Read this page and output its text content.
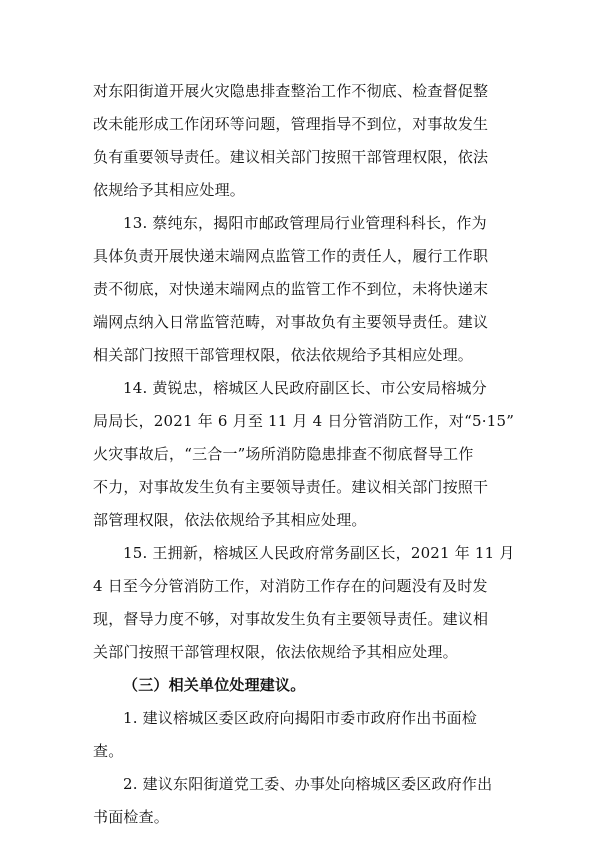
对东阳街道开展火灾隐患排查整治工作不彻底、检查督促整
改未能形成工作闭环等问题，管理指导不到位，对事故发生
负有重要领导责任。建议相关部门按照干部管理权限，依法
依规给予其相应处理。
13. 蔡纯东，揭阳市邮政管理局行业管理科科长，作为
具体负责开展快递末端网点监管工作的责任人，履行工作职
责不彻底，对快递末端网点的监管工作不到位，未将快递末
端网点纳入日常监管范畴，对事故负有主要领导责任。建议
相关部门按照干部管理权限，依法依规给予其相应处理。
14. 黄锐忠，榕城区人民政府副区长、市公安局榕城分
局局长，2021 年 6 月至 11 月 4 日分管消防工作，对“5·15”
火灾事故后，“三合一”场所消防隐患排查不彻底督导工作
不力，对事故发生负有主要领导责任。建议相关部门按照干
部管理权限，依法依规给予其相应处理。
15. 王拥新，榕城区人民政府常务副区长，2021 年 11 月
4 日至今分管消防工作，对消防工作存在的问题没有及时发
现，督导力度不够，对事故发生负有主要领导责任。建议相
关部门按照干部管理权限，依法依规给予其相应处理。
（三）相关单位处理建议。
1. 建议榕城区委区政府向揭阳市委市政府作出书面检
查。
2. 建议东阳街道党工委、办事处向榕城区委区政府作出
书面检查。
